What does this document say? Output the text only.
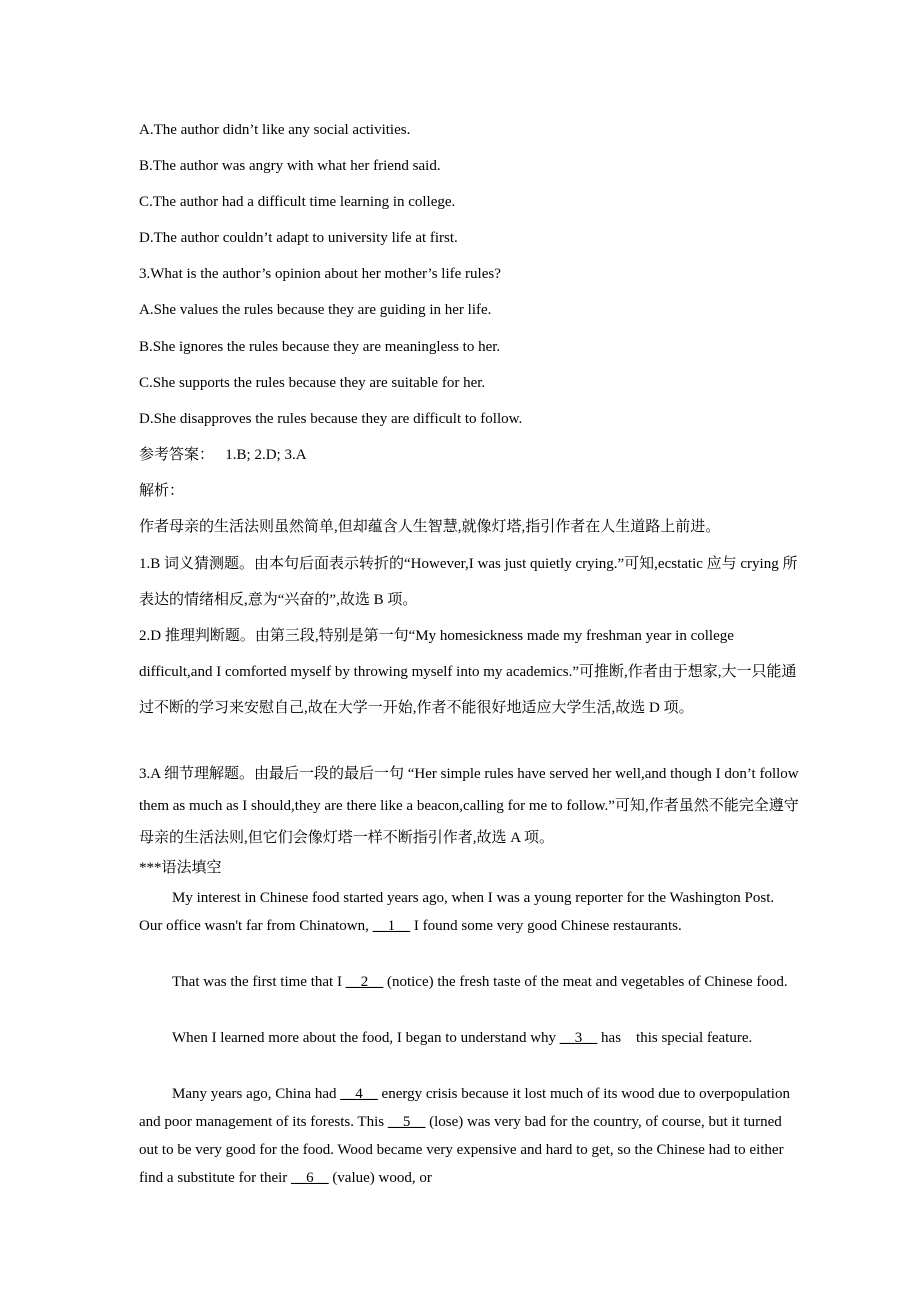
A.The author didn’t like any social activities.
B.The author was angry with what her friend said.
C.The author had a difficult time learning in college.
D.The author couldn’t adapt to university life at first.
3.What is the author’s opinion about her mother’s life rules?
A.She values the rules because they are guiding in her life.
B.She ignores the rules because they are meaningless to her.
C.She supports the rules because they are suitable for her.
D.She disapproves the rules because they are difficult to follow.
参考答案： 1.B; 2.D; 3.A
解析：
作者母亲的生活法则虽然简单,但却蕴含人生智慧,就像灯塔,指引作者在人生道路上前进。

1.B 词义猜测题。由本句后面表示转折的“However,I was just quietly crying.”可知,ecstatic 应与 crying 所表达的情绪相反,意为“兴奋的”,故选 B 项。

2.D 推理判断题。由第三段,特别是第一句“My homesickness made my freshman year in college difficult,and I comforted myself by throwing myself into my academics.”可推断,作者由于想家,大一只能通过不断的学习来安慰自己,故在大学一开始,作者不能很好地适应大学生活,故选 D 项。

3.A 细节理解题。由最后一段的最后一句 “Her simple rules have served her well,and though I don’t follow them as much as I should,they are there like a beacon,calling for me to follow.”可知,作者虽然不能完全遵守母亲的生活法则,但它们会像灯塔一样不断指引作者,故选 A 项。

***语法填空

My interest in Chinese food started years ago, when I was a young reporter for the Washington Post. Our office wasn't far from Chinatown, __1__ I found some very good Chinese restaurants.

That was the first time that I __2__ (notice) the fresh taste of the meat and vegetables of Chinese food.

When I learned more about the food, I began to understand why __3__ has    this special feature.

Many years ago, China had __4__ energy crisis because it lost much of its wood due to overpopulation and poor management of its forests. This __5__ (lose) was very bad for the country, of course, but it turned out to be very good for the food. Wood became very expensive and hard to get, so the Chinese had to either find a substitute for their __6__ (value) wood, or
